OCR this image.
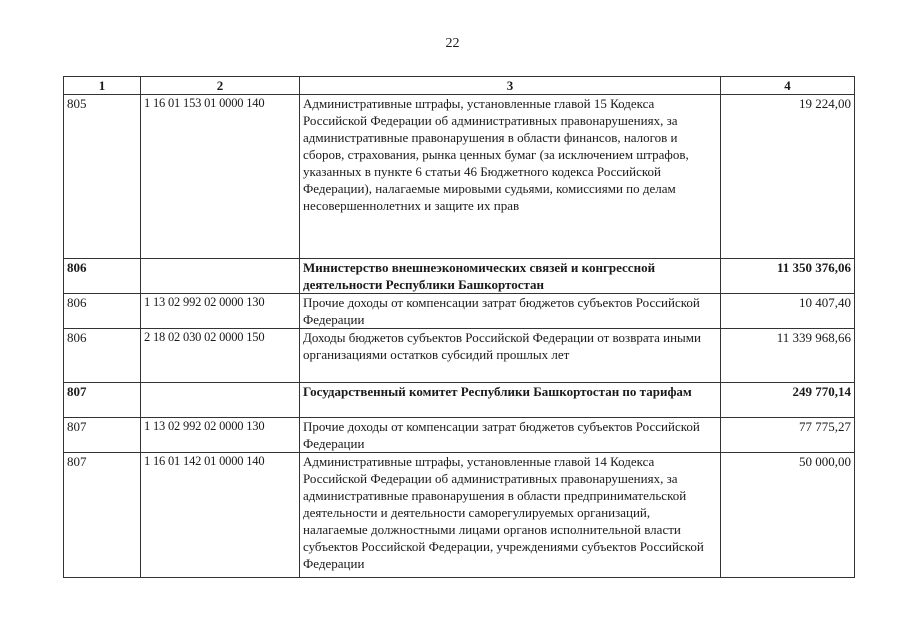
22
1	2	3	4
805	1 16 01 153 01 0000 140	Административные штрафы, установленные главой 15 Кодекса Российской Федерации об административных правонарушениях, за административные правонарушения в области финансов, налогов и сборов, страхования, рынка ценных бумаг (за исключением штрафов, указанных в пункте 6 статьи 46 Бюджетного кодекса Российской Федерации), налагаемые мировыми судьями, комиссиями по делам несовершеннолетних и защите их прав	19 224,00
806		Министерство внешнеэкономических связей и конгрессной деятельности Республики Башкортостан	11 350 376,06
806	1 13 02 992 02 0000 130	Прочие доходы от компенсации затрат бюджетов субъектов Российской Федерации	10 407,40
806	2 18 02 030 02 0000 150	Доходы бюджетов субъектов Российской Федерации от возврата иными организациями остатков субсидий прошлых лет	11 339 968,66
807		Государственный комитет Республики Башкортостан по тарифам	249 770,14
807	1 13 02 992 02 0000 130	Прочие доходы от компенсации затрат бюджетов субъектов Российской Федерации	77 775,27
807	1 16 01 142 01 0000 140	Административные штрафы, установленные главой 14 Кодекса Российской Федерации об административных правонарушениях, за административные правонарушения в области предпринимательской деятельности и деятельности саморегулируемых организаций, налагаемые должностными лицами органов исполнительной власти субъектов Российской Федерации, учреждениями субъектов Российской Федерации	50 000,00
